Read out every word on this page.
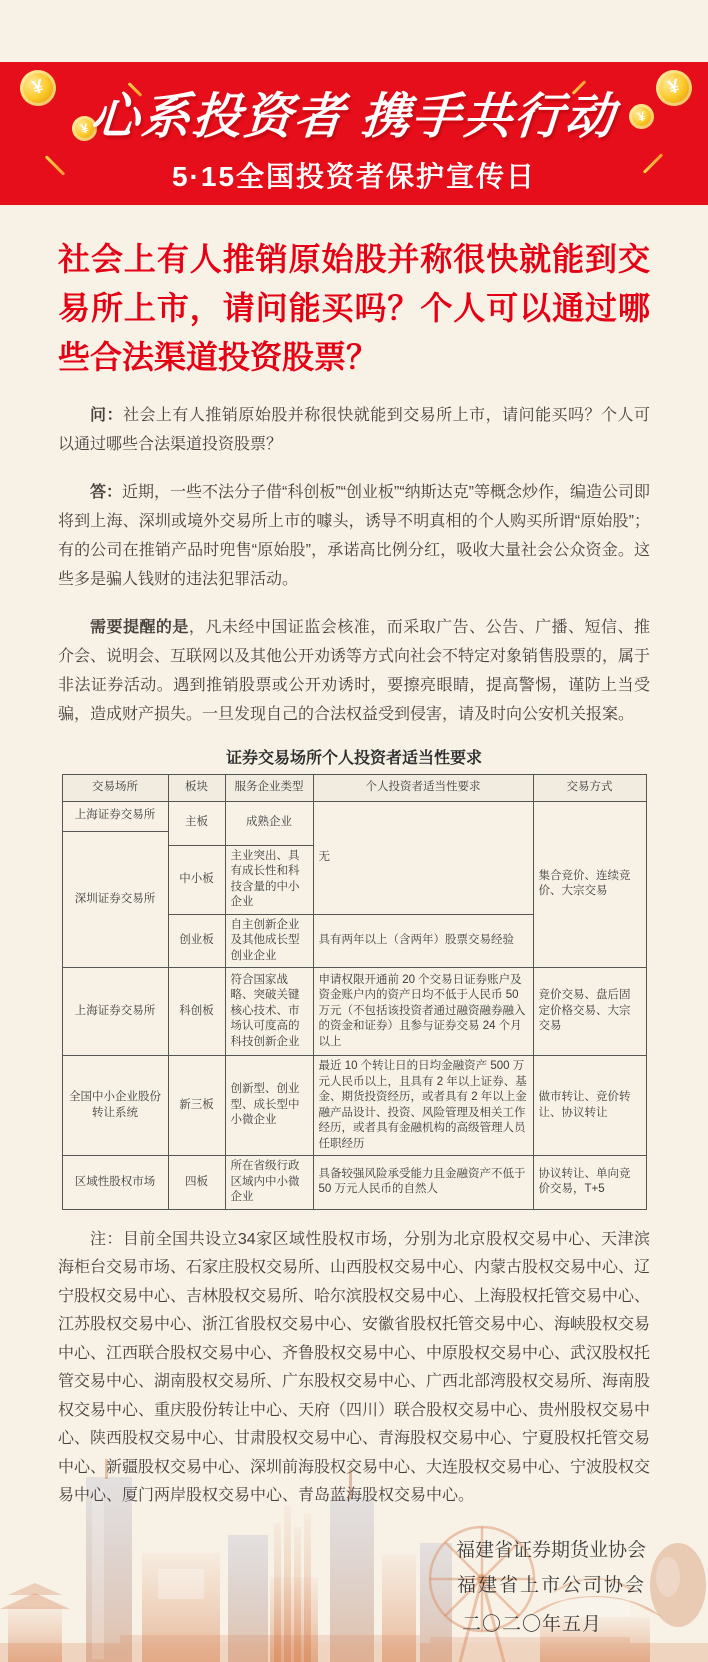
¥
¥
¥
¥
心系投资者 携手共行动
5·15全国投资者保护宣传日
社会上有人推销原始股并称很快就能到交易所上市，请问能买吗？个人可以通过哪些合法渠道投资股票？

问：社会上有人推销原始股并称很快就能到交易所上市，请问能买吗？个人可以通过哪些合法渠道投资股票？

答：近期，一些不法分子借“科创板”“创业板”“纳斯达克”等概念炒作，编造公司即将到上海、深圳或境外交易所上市的噱头，诱导不明真相的个人购买所谓“原始股”；有的公司在推销产品时兜售“原始股”，承诺高比例分红，吸收大量社会公众资金。这些多是骗人钱财的违法犯罪活动。

需要提醒的是，凡未经中国证监会核准，而采取广告、公告、广播、短信、推介会、说明会、互联网以及其他公开劝诱等方式向社会不特定对象销售股票的，属于非法证券活动。遇到推销股票或公开劝诱时，要擦亮眼睛，提高警惕，谨防上当受骗，造成财产损失。一旦发现自己的合法权益受到侵害，请及时向公安机关报案。

证券交易场所个人投资者适当性要求
交易场所	板块	服务企业类型	个人投资者适当性要求	交易方式
上海证券交易所	主板	成熟企业	无	集合竞价、连续竞价、大宗交易
深圳证券交易所				
	中小板	主业突出、具有成长性和科技含量的中小企业		
	创业板	自主创新企业及其他成长型创业企业	具有两年以上（含两年）股票交易经验	
上海证券交易所	科创板	符合国家战略、突破关键核心技术、市场认可度高的科技创新企业	申请权限开通前 20 个交易日证券账户及资金账户内的资产日均不低于人民币 50 万元（不包括该投资者通过融资融券融入的资金和证券）且参与证券交易 24 个月以上	竞价交易、盘后固定价格交易、大宗交易
全国中小企业股份转让系统	新三板	创新型、创业型、成长型中小微企业	最近 10 个转让日的日均金融资产 500 万元人民币以上，且具有 2 年以上证券、基金、期货投资经历，或者具有 2 年以上金融产品设计、投资、风险管理及相关工作经历，或者具有金融机构的高级管理人员任职经历	做市转让、竞价转让、协议转让
区域性股权市场	四板	所在省级行政区域内中小微企业	具备较强风险承受能力且金融资产不低于 50 万元人民币的自然人	协议转让、单向竞价交易，T+5

注：目前全国共设立34家区域性股权市场，分别为北京股权交易中心、天津滨海柜台交易市场、石家庄股权交易所、山西股权交易中心、内蒙古股权交易中心、辽宁股权交易中心、吉林股权交易所、哈尔滨股权交易中心、上海股权托管交易中心、江苏股权交易中心、浙江省股权交易中心、安徽省股权托管交易中心、海峡股权交易中心、江西联合股权交易中心、齐鲁股权交易中心、中原股权交易中心、武汉股权托管交易中心、湖南股权交易所、广东股权交易中心、广西北部湾股权交易所、海南股权交易中心、重庆股份转让中心、天府（四川）联合股权交易中心、贵州股权交易中心、陕西股权交易中心、甘肃股权交易中心、青海股权交易中心、宁夏股权托管交易中心、新疆股权交易中心、深圳前海股权交易中心、大连股权交易中心、宁波股权交易中心、厦门两岸股权交易中心、青岛蓝海股权交易中心。

福建省证券期货业协会
福建省上市公司协会
二〇二〇年五月
